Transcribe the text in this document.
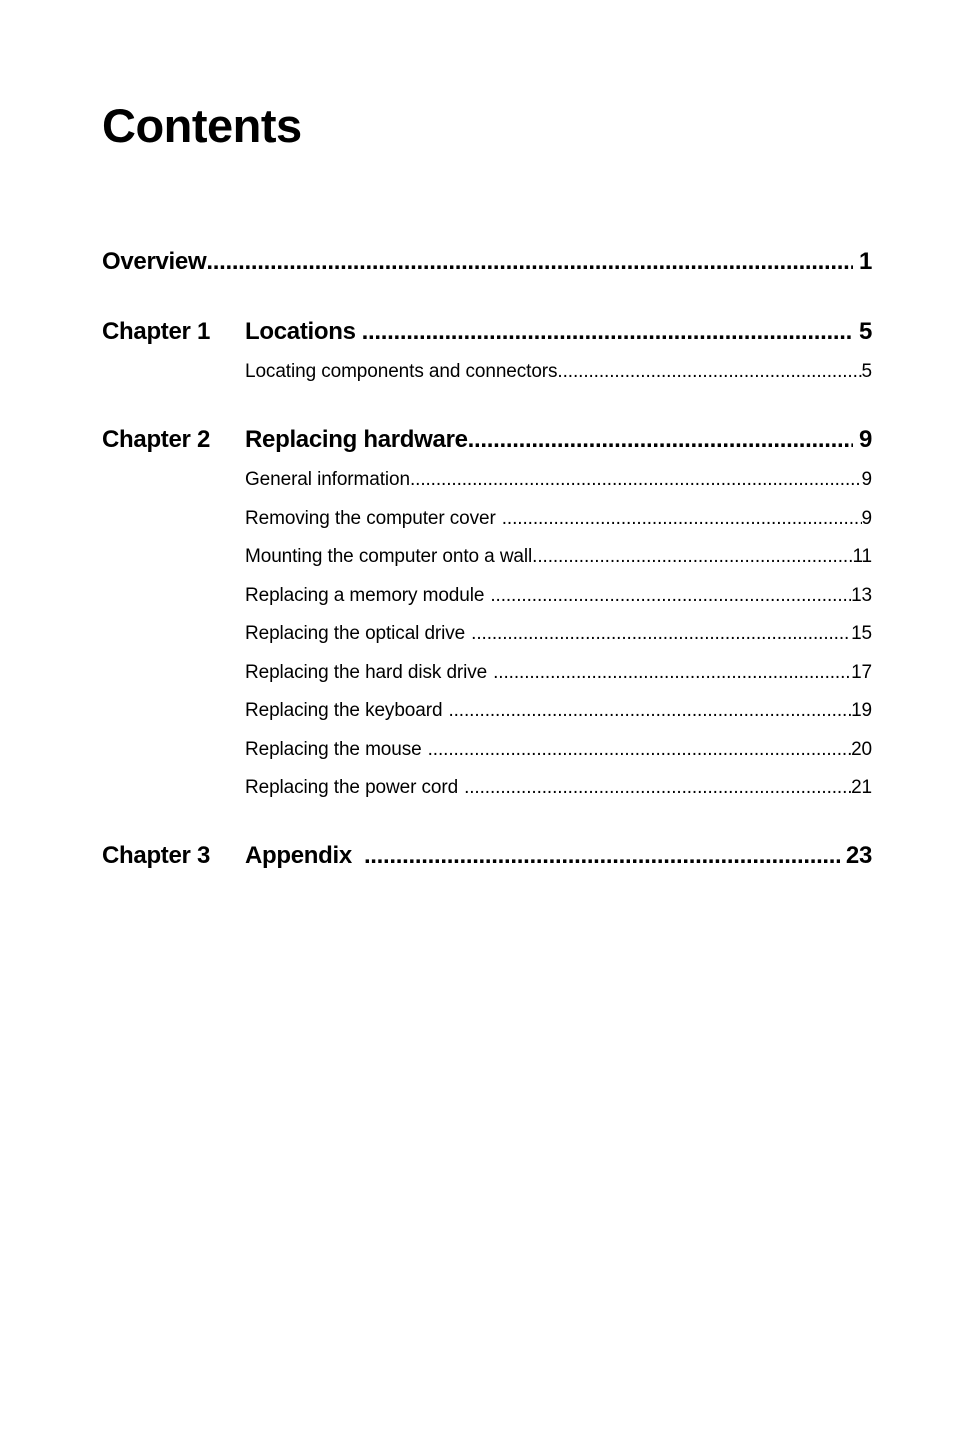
Contents
Overview .....	1
Chapter 1 Locations .....	5
Locating components and connectors .....	5
Chapter 2 Replacing hardware .....	9
General information .....	9
Removing the computer cover .....	9
Mounting the computer onto a wall .....	11
Replacing a memory module .....	13
Replacing the optical drive .....	15
Replacing the hard disk drive .....	17
Replacing the keyboard .....	19
Replacing the mouse .....	20
Replacing the power cord .....	21
Chapter 3 Appendix .....	23
